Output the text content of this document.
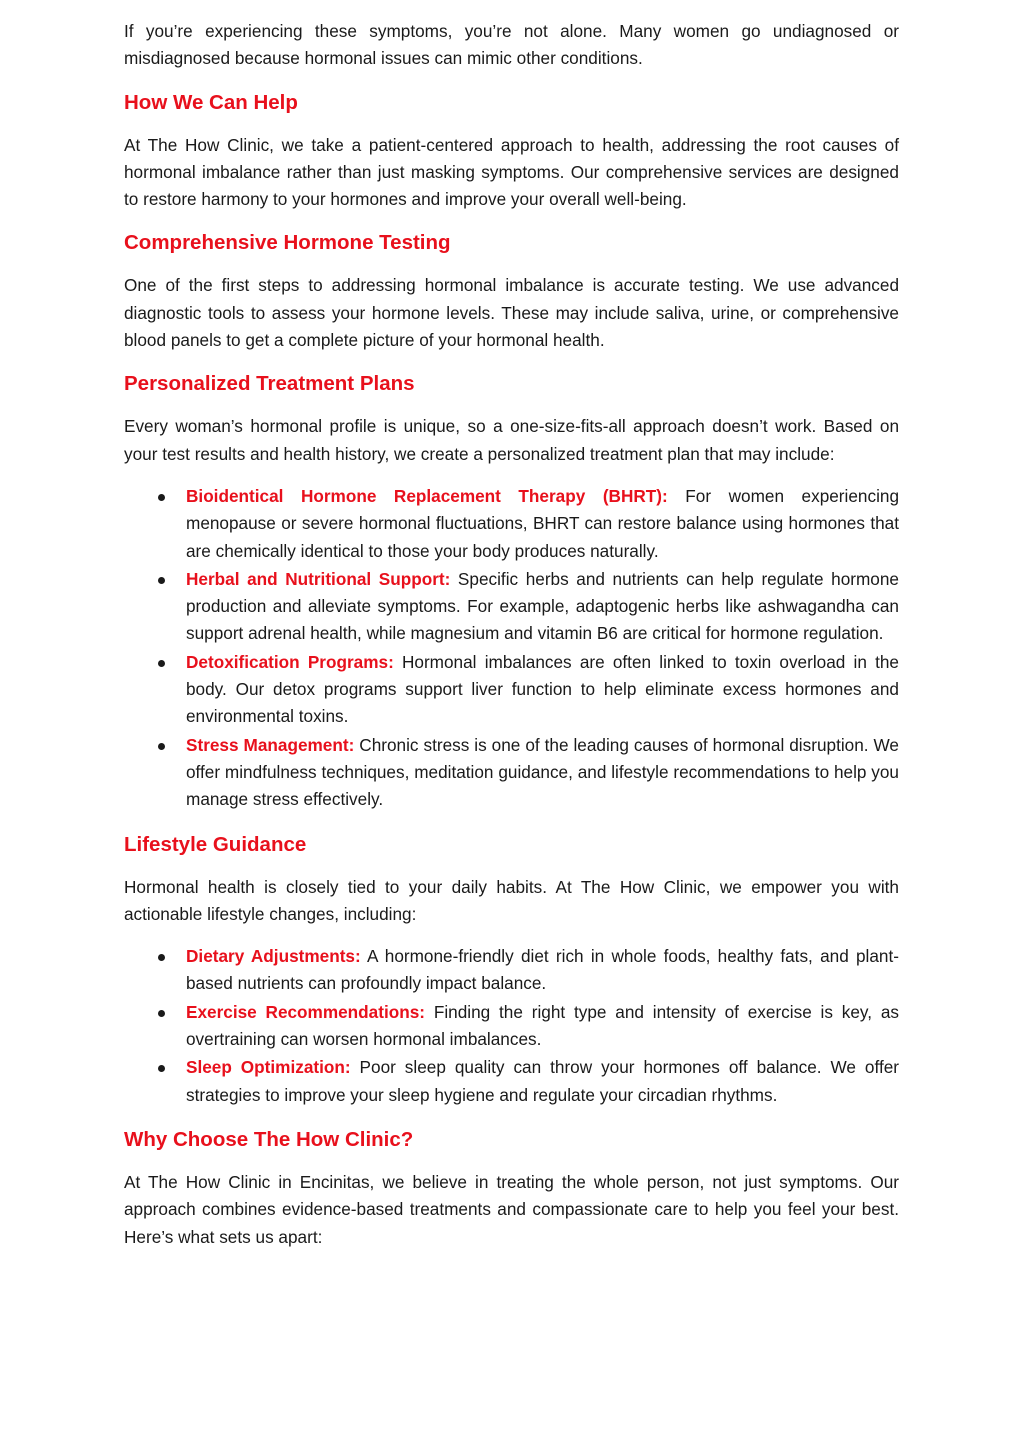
If you’re experiencing these symptoms, you’re not alone. Many women go undiagnosed or misdiagnosed because hormonal issues can mimic other conditions.

How We Can Help

At The How Clinic, we take a patient-centered approach to health, addressing the root causes of hormonal imbalance rather than just masking symptoms. Our comprehensive services are designed to restore harmony to your hormones and improve your overall well-being.

Comprehensive Hormone Testing

One of the first steps to addressing hormonal imbalance is accurate testing. We use advanced diagnostic tools to assess your hormone levels. These may include saliva, urine, or comprehensive blood panels to get a complete picture of your hormonal health.

Personalized Treatment Plans

Every woman’s hormonal profile is unique, so a one-size-fits-all approach doesn’t work. Based on your test results and health history, we create a personalized treatment plan that may include:

Bioidentical Hormone Replacement Therapy (BHRT): For women experiencing menopause or severe hormonal fluctuations, BHRT can restore balance using hormones that are chemically identical to those your body produces naturally.
Herbal and Nutritional Support: Specific herbs and nutrients can help regulate hormone production and alleviate symptoms. For example, adaptogenic herbs like ashwagandha can support adrenal health, while magnesium and vitamin B6 are critical for hormone regulation.
Detoxification Programs: Hormonal imbalances are often linked to toxin overload in the body. Our detox programs support liver function to help eliminate excess hormones and environmental toxins.
Stress Management: Chronic stress is one of the leading causes of hormonal disruption. We offer mindfulness techniques, meditation guidance, and lifestyle recommendations to help you manage stress effectively.
Lifestyle Guidance

Hormonal health is closely tied to your daily habits. At The How Clinic, we empower you with actionable lifestyle changes, including:

Dietary Adjustments: A hormone-friendly diet rich in whole foods, healthy fats, and plant-based nutrients can profoundly impact balance.
Exercise Recommendations: Finding the right type and intensity of exercise is key, as overtraining can worsen hormonal imbalances.
Sleep Optimization: Poor sleep quality can throw your hormones off balance. We offer strategies to improve your sleep hygiene and regulate your circadian rhythms.
Why Choose The How Clinic?

At The How Clinic in Encinitas, we believe in treating the whole person, not just symptoms. Our approach combines evidence-based treatments and compassionate care to help you feel your best. Here’s what sets us apart:
